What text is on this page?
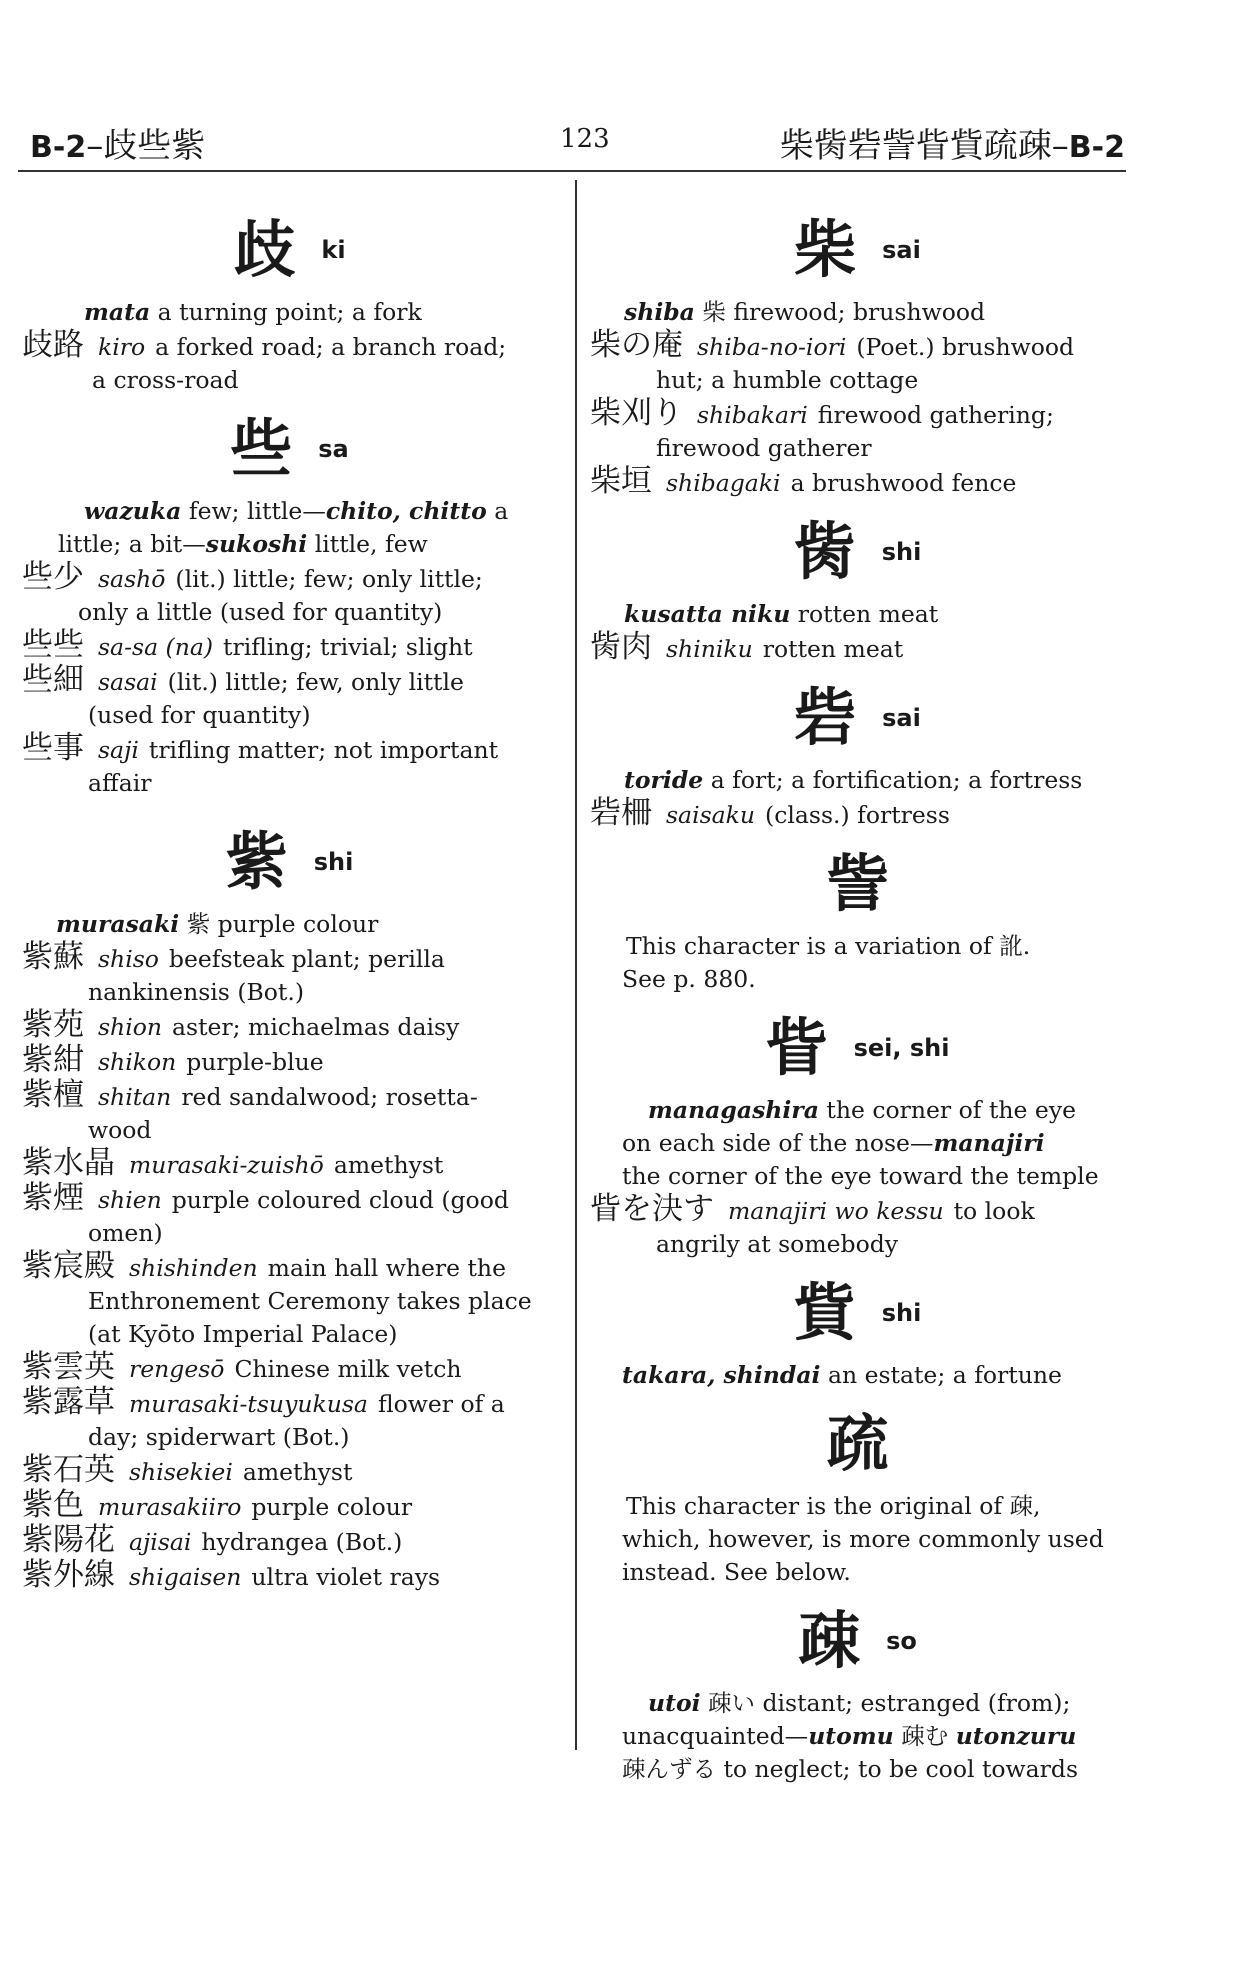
B-2–歧些紫	123	柴胔砦訾眥貲疏疎–B-2
歧 ki
mata a turning point; a fork
歧路 kiro a forked road; a branch road;
a cross-road
些 sa
wazuka few; little—chito, chitto a
little; a bit—sukoshi little, few
些少 sashō (lit.) little; few; only little;
only a little (used for quantity)
些些 sa-sa (na) trifling; trivial; slight
些細 sasai (lit.) little; few, only little
(used for quantity)
些事 saji trifling matter; not important
affair
紫 shi
murasaki 紫 purple colour
紫蘇 shiso beefsteak plant; perilla
nankinensis (Bot.)
紫苑 shion aster; michaelmas daisy
紫紺 shikon purple-blue
紫檀 shitan red sandalwood; rosetta-
wood
紫水晶 murasaki-zuishō amethyst
紫煙 shien purple coloured cloud (good
omen)
紫宸殿 shishinden main hall where the
Enthronement Ceremony takes place
(at Kyōto Imperial Palace)
紫雲英 rengesō Chinese milk vetch
紫露草 murasaki-tsuyukusa flower of a
day; spiderwart (Bot.)
紫石英 shisekiei amethyst
紫色 murasakiiro purple colour
紫陽花 ajisai hydrangea (Bot.)
紫外線 shigaisen ultra violet rays
柴 sai
shiba 柴 firewood; brushwood
柴の庵 shiba-no-iori (Poet.) brushwood
hut; a humble cottage
柴刈り shibakari firewood gathering;
firewood gatherer
柴垣 shibagaki a brushwood fence
胔 shi
kusatta niku rotten meat
胔肉 shiniku rotten meat
砦 sai
toride a fort; a fortification; a fortress
砦柵 saisaku (class.) fortress
訾
This character is a variation of 訛.
See p. 880.
眥 sei, shi
managashira the corner of the eye
on each side of the nose—manajiri
the corner of the eye toward the temple
眥を決す manajiri wo kessu to look
angrily at somebody
貲 shi
takara, shindai an estate; a fortune
疏
This character is the original of 疎,
which, however, is more commonly used
instead. See below.
疎 so
utoi 疎い distant; estranged (from);
unacquainted—utomu 疎む utonzuru
疎んずる to neglect; to be cool towards
